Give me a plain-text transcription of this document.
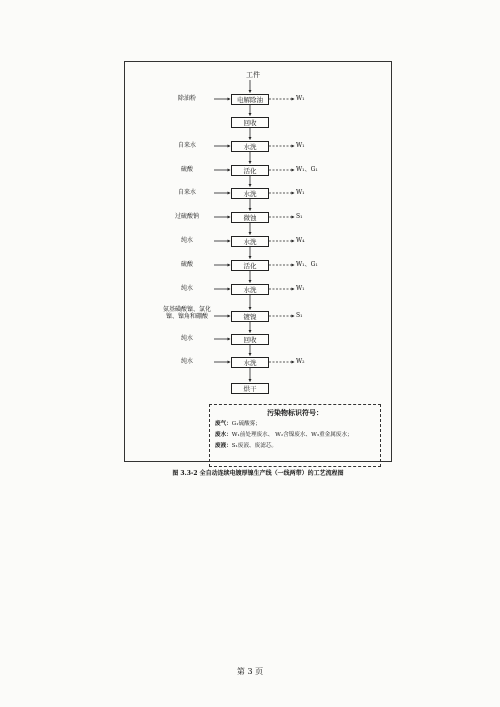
工件
电解除油
除油粉	W₁
回收
水洗
自来水	W₁
活化
硫酸	W₁、G₁
水洗
自来水	W₁
微蚀
过硫酸钠	S₁
水洗
纯水	W₄
活化
硫酸	W₁、G₁
水洗
纯水	W₁
镀镍
氨基磺酸镍、氯化镍、镍角和硼酸	S₁
回收
纯水
水洗
纯水	W₂
烘干
污染物标识符号：
废气：G₁硫酸雾；
废水：W₁前处理废水、 W₂含镍废水、W₃重金属废水；
废液：S₁废液、废滤芯。
图 3.3-2 全自动连续电镀厚镍生产线（一线两带）的工艺流程图
第 3 页
